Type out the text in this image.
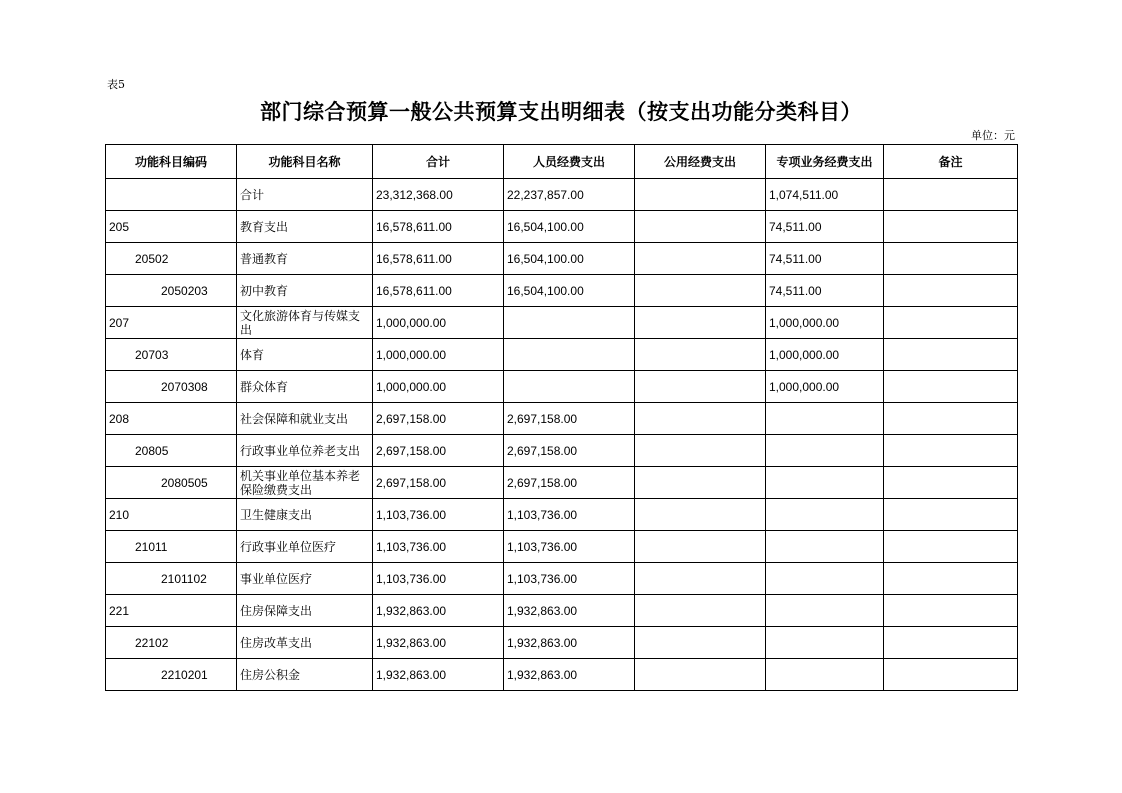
表5
部门综合预算一般公共预算支出明细表（按支出功能分类科目）
单位：元
功能科目编码	功能科目名称	合计	人员经费支出	公用经费支出	专项业务经费支出	备注
	合计	23,312,368.00	22,237,857.00		1,074,511.00	
205	教育支出	16,578,611.00	16,504,100.00		74,511.00	
20502	普通教育	16,578,611.00	16,504,100.00		74,511.00	
2050203	初中教育	16,578,611.00	16,504,100.00		74,511.00	
207	文化旅游体育与传媒支出	1,000,000.00			1,000,000.00	
20703	体育	1,000,000.00			1,000,000.00	
2070308	群众体育	1,000,000.00			1,000,000.00	
208	社会保障和就业支出	2,697,158.00	2,697,158.00			
20805	行政事业单位养老支出	2,697,158.00	2,697,158.00			
2080505	机关事业单位基本养老保险缴费支出	2,697,158.00	2,697,158.00			
210	卫生健康支出	1,103,736.00	1,103,736.00			
21011	行政事业单位医疗	1,103,736.00	1,103,736.00			
2101102	事业单位医疗	1,103,736.00	1,103,736.00			
221	住房保障支出	1,932,863.00	1,932,863.00			
22102	住房改革支出	1,932,863.00	1,932,863.00			
2210201	住房公积金	1,932,863.00	1,932,863.00			
